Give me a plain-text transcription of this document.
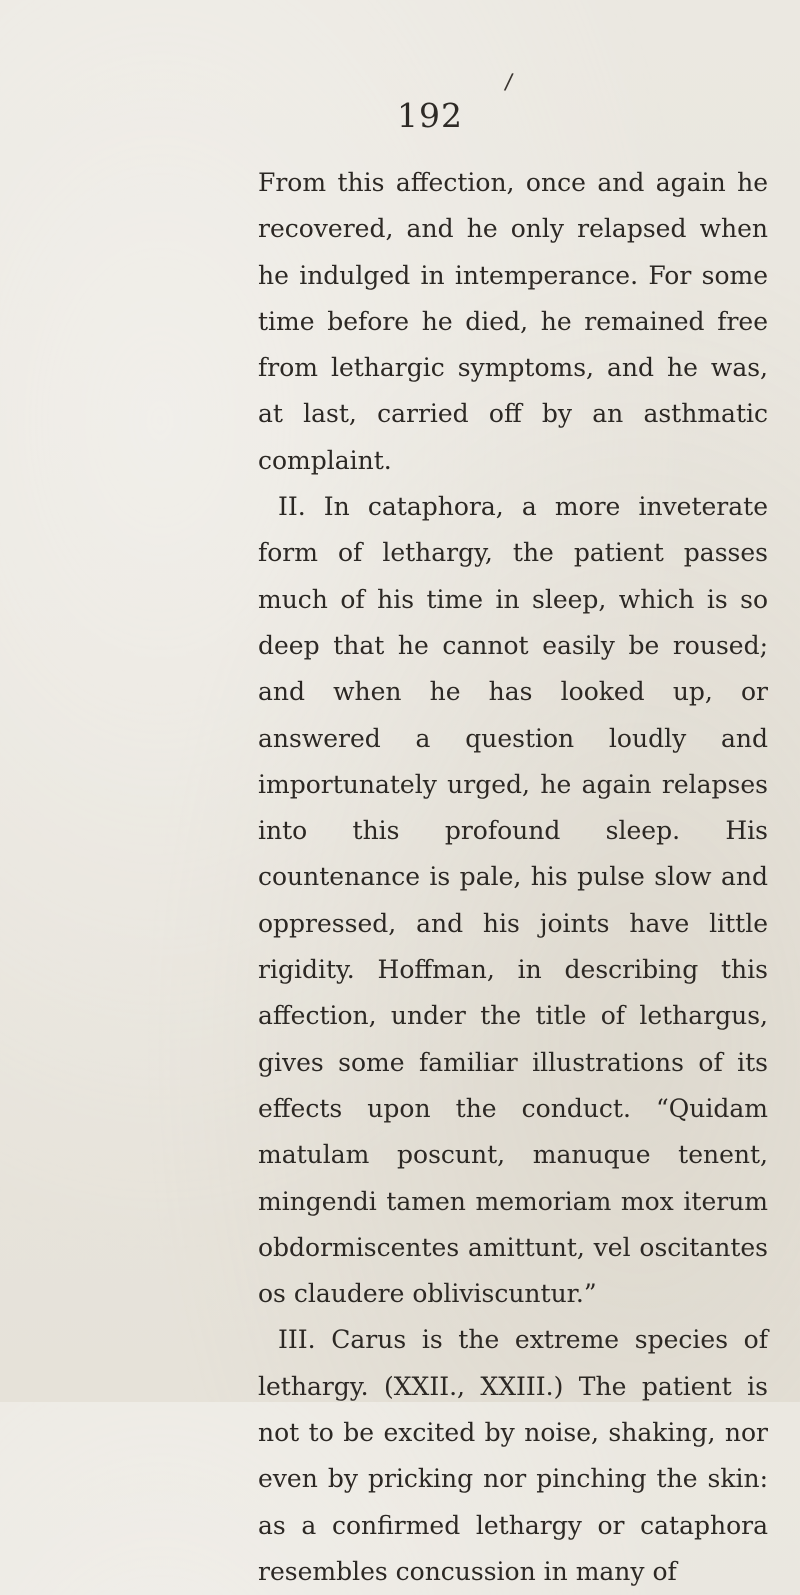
/
192

From this affection, once and again he recovered, and he only relapsed when he indulged in intemperance. For some time before he died, he remained free from lethargic symptoms, and he was, at last, carried off by an asthmatic complaint.

II. In cataphora, a more inveterate form of lethargy, the patient passes much of his time in sleep, which is so deep that he cannot easily be roused; and when he has looked up, or answered a question loudly and importunately urged, he again relapses into this profound sleep. His countenance is pale, his pulse slow and oppressed, and his joints have little rigidity. Hoffman, in describing this affection, under the title of lethargus, gives some familiar illustrations of its effects upon the conduct. “Quidam matulam poscunt, manuque tenent, mingendi tamen memoriam mox iterum obdormiscentes amittunt, vel oscitantes os claudere obliviscuntur.”

III. Carus is the extreme species of lethargy. (XXII., XXIII.) The patient is not to be excited by noise, shaking, nor even by pricking nor pinching the skin: as a confirmed lethargy or cataphora resembles concussion in many of
